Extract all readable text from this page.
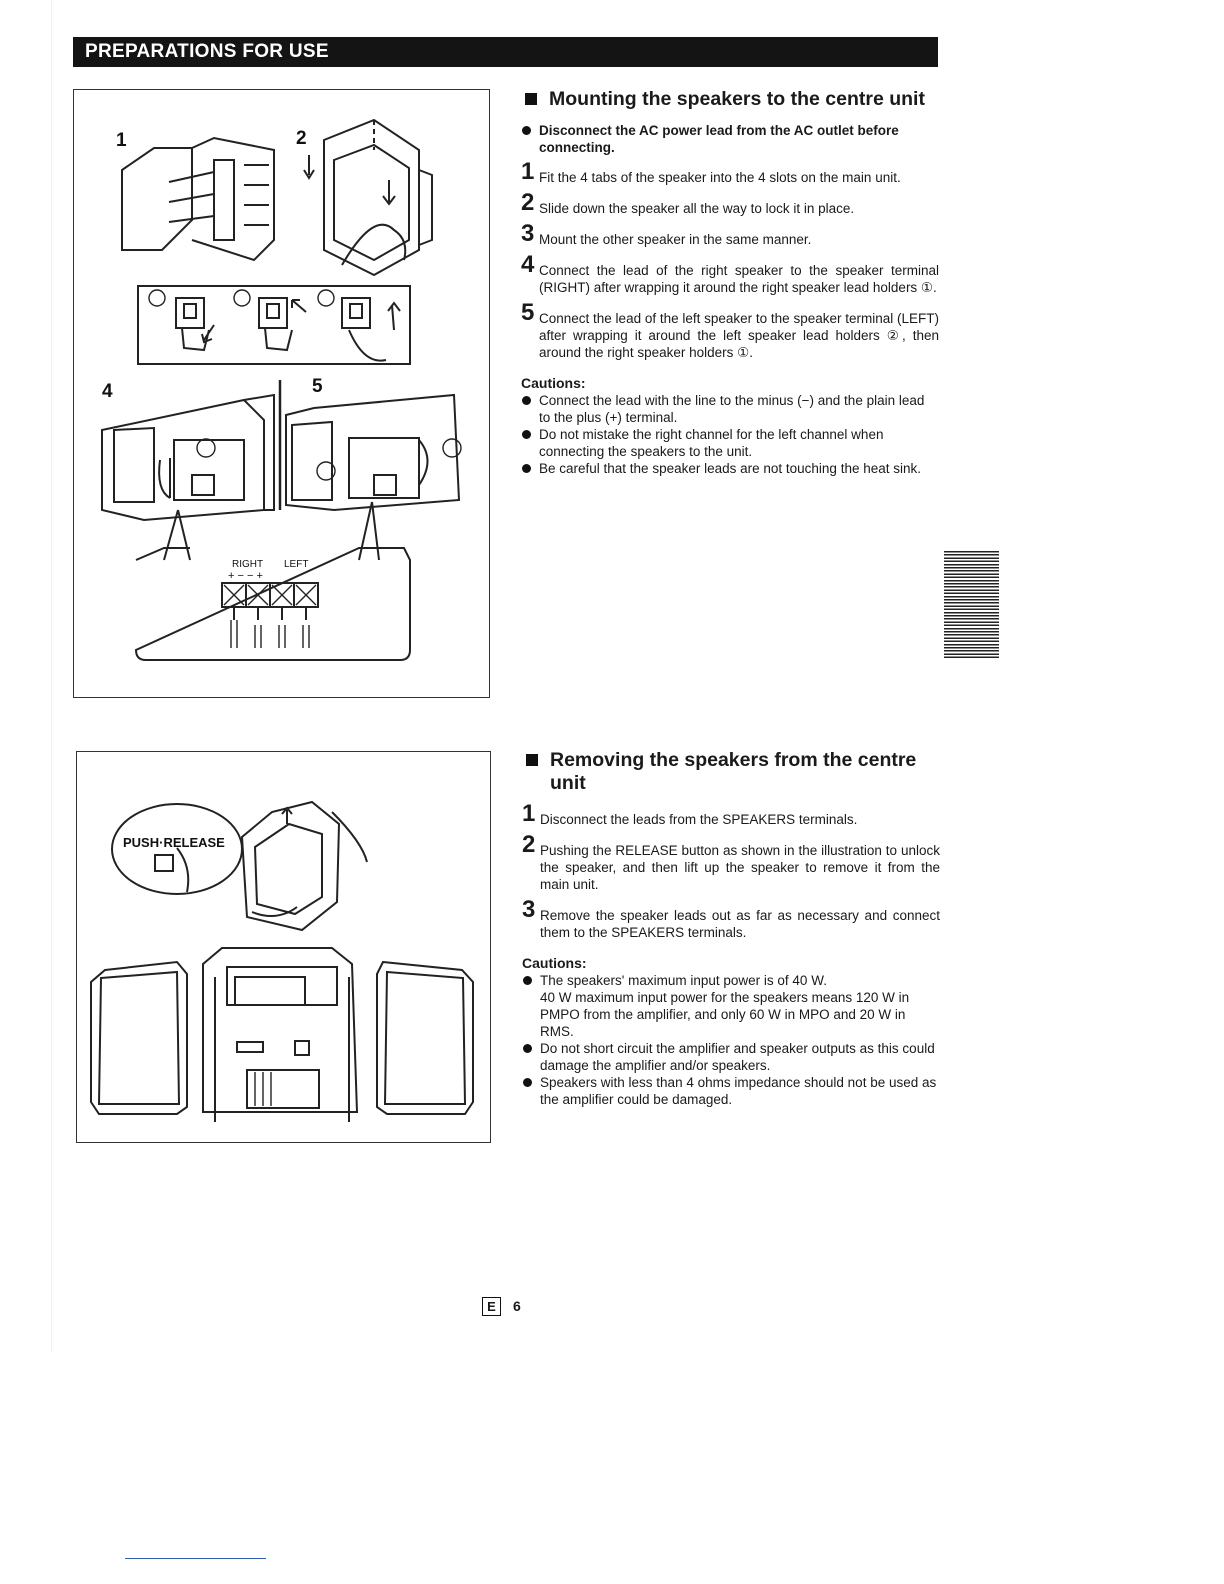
PREPARATIONS FOR USE
1	2
4	5
RIGHT LEFT
+ − − +
PUSH·RELEASE
Mounting the speakers to the centre unit

Disconnect the AC power lead from the AC outlet before connecting.

1 Fit the 4 tabs of the speaker into the 4 slots on the main unit.

2 Slide down the speaker all the way to lock it in place.

3 Mount the other speaker in the same manner.

4 Connect the lead of the right speaker to the speaker terminal (RIGHT) after wrapping it around the right speaker lead holders ①.

5 Connect the lead of the left speaker to the speaker terminal (LEFT) after wrapping it around the left speaker lead holders ②, then around the right speaker holders ①.

Cautions:

Connect the lead with the line to the minus (−) and the plain lead to the plus (+) terminal.

Do not mistake the right channel for the left channel when connecting the speakers to the unit.

Be careful that the speaker leads are not touching the heat sink.

Removing the speakers from the centre unit

1 Disconnect the leads from the SPEAKERS terminals.

2 Pushing the RELEASE button as shown in the illustration to unlock the speaker, and then lift up the speaker to remove it from the main unit.

3 Remove the speaker leads out as far as necessary and connect them to the SPEAKERS terminals.

Cautions:

The speakers' maximum input power is of 40 W.
40 W maximum input power for the speakers means 120 W in PMPO from the amplifier, and only 60 W in MPO and 20 W in RMS.

Do not short circuit the amplifier and speaker outputs as this could damage the amplifier and/or speakers.

Speakers with less than 4 ohms impedance should not be used as the amplifier could be damaged.

E 6
